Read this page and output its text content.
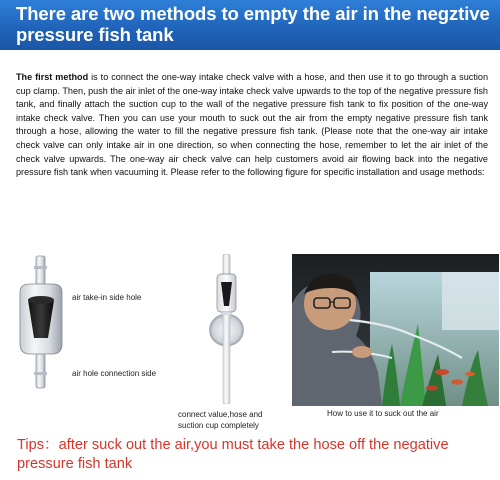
There are two methods to empty the air in the negztive pressure fish tank

The first method is to connect the one-way intake check valve with a hose, and then use it to go through a suction cup clamp. Then, push the air inlet of the one-way intake check valve upwards to the top of the negative pressure fish tank, and finally attach the suction cup to the wall of the negative pressure fish tank to fix position of the one-way intake check valve. Then you can use your mouth to suck out the air from the empty negative pressure fish tank through a hose, allowing the water to fill the negative pressure fish tank. (Please note that the one-way air intake check valve can only intake air in one direction, so when connecting the hose, remember to let the air inlet of the check valve upwards. The one-way air check valve can help customers avoid air flowing back into the negative pressure fish tank when vacuuming it. Please refer to the following figure for specific installation and usage methods:

air take-in side hole
air hole connection side
connect value,hose and suction cup completely
How to use it to suck out the air
Tips：after suck out the air,you must take the hose off the negative pressure fish tank
